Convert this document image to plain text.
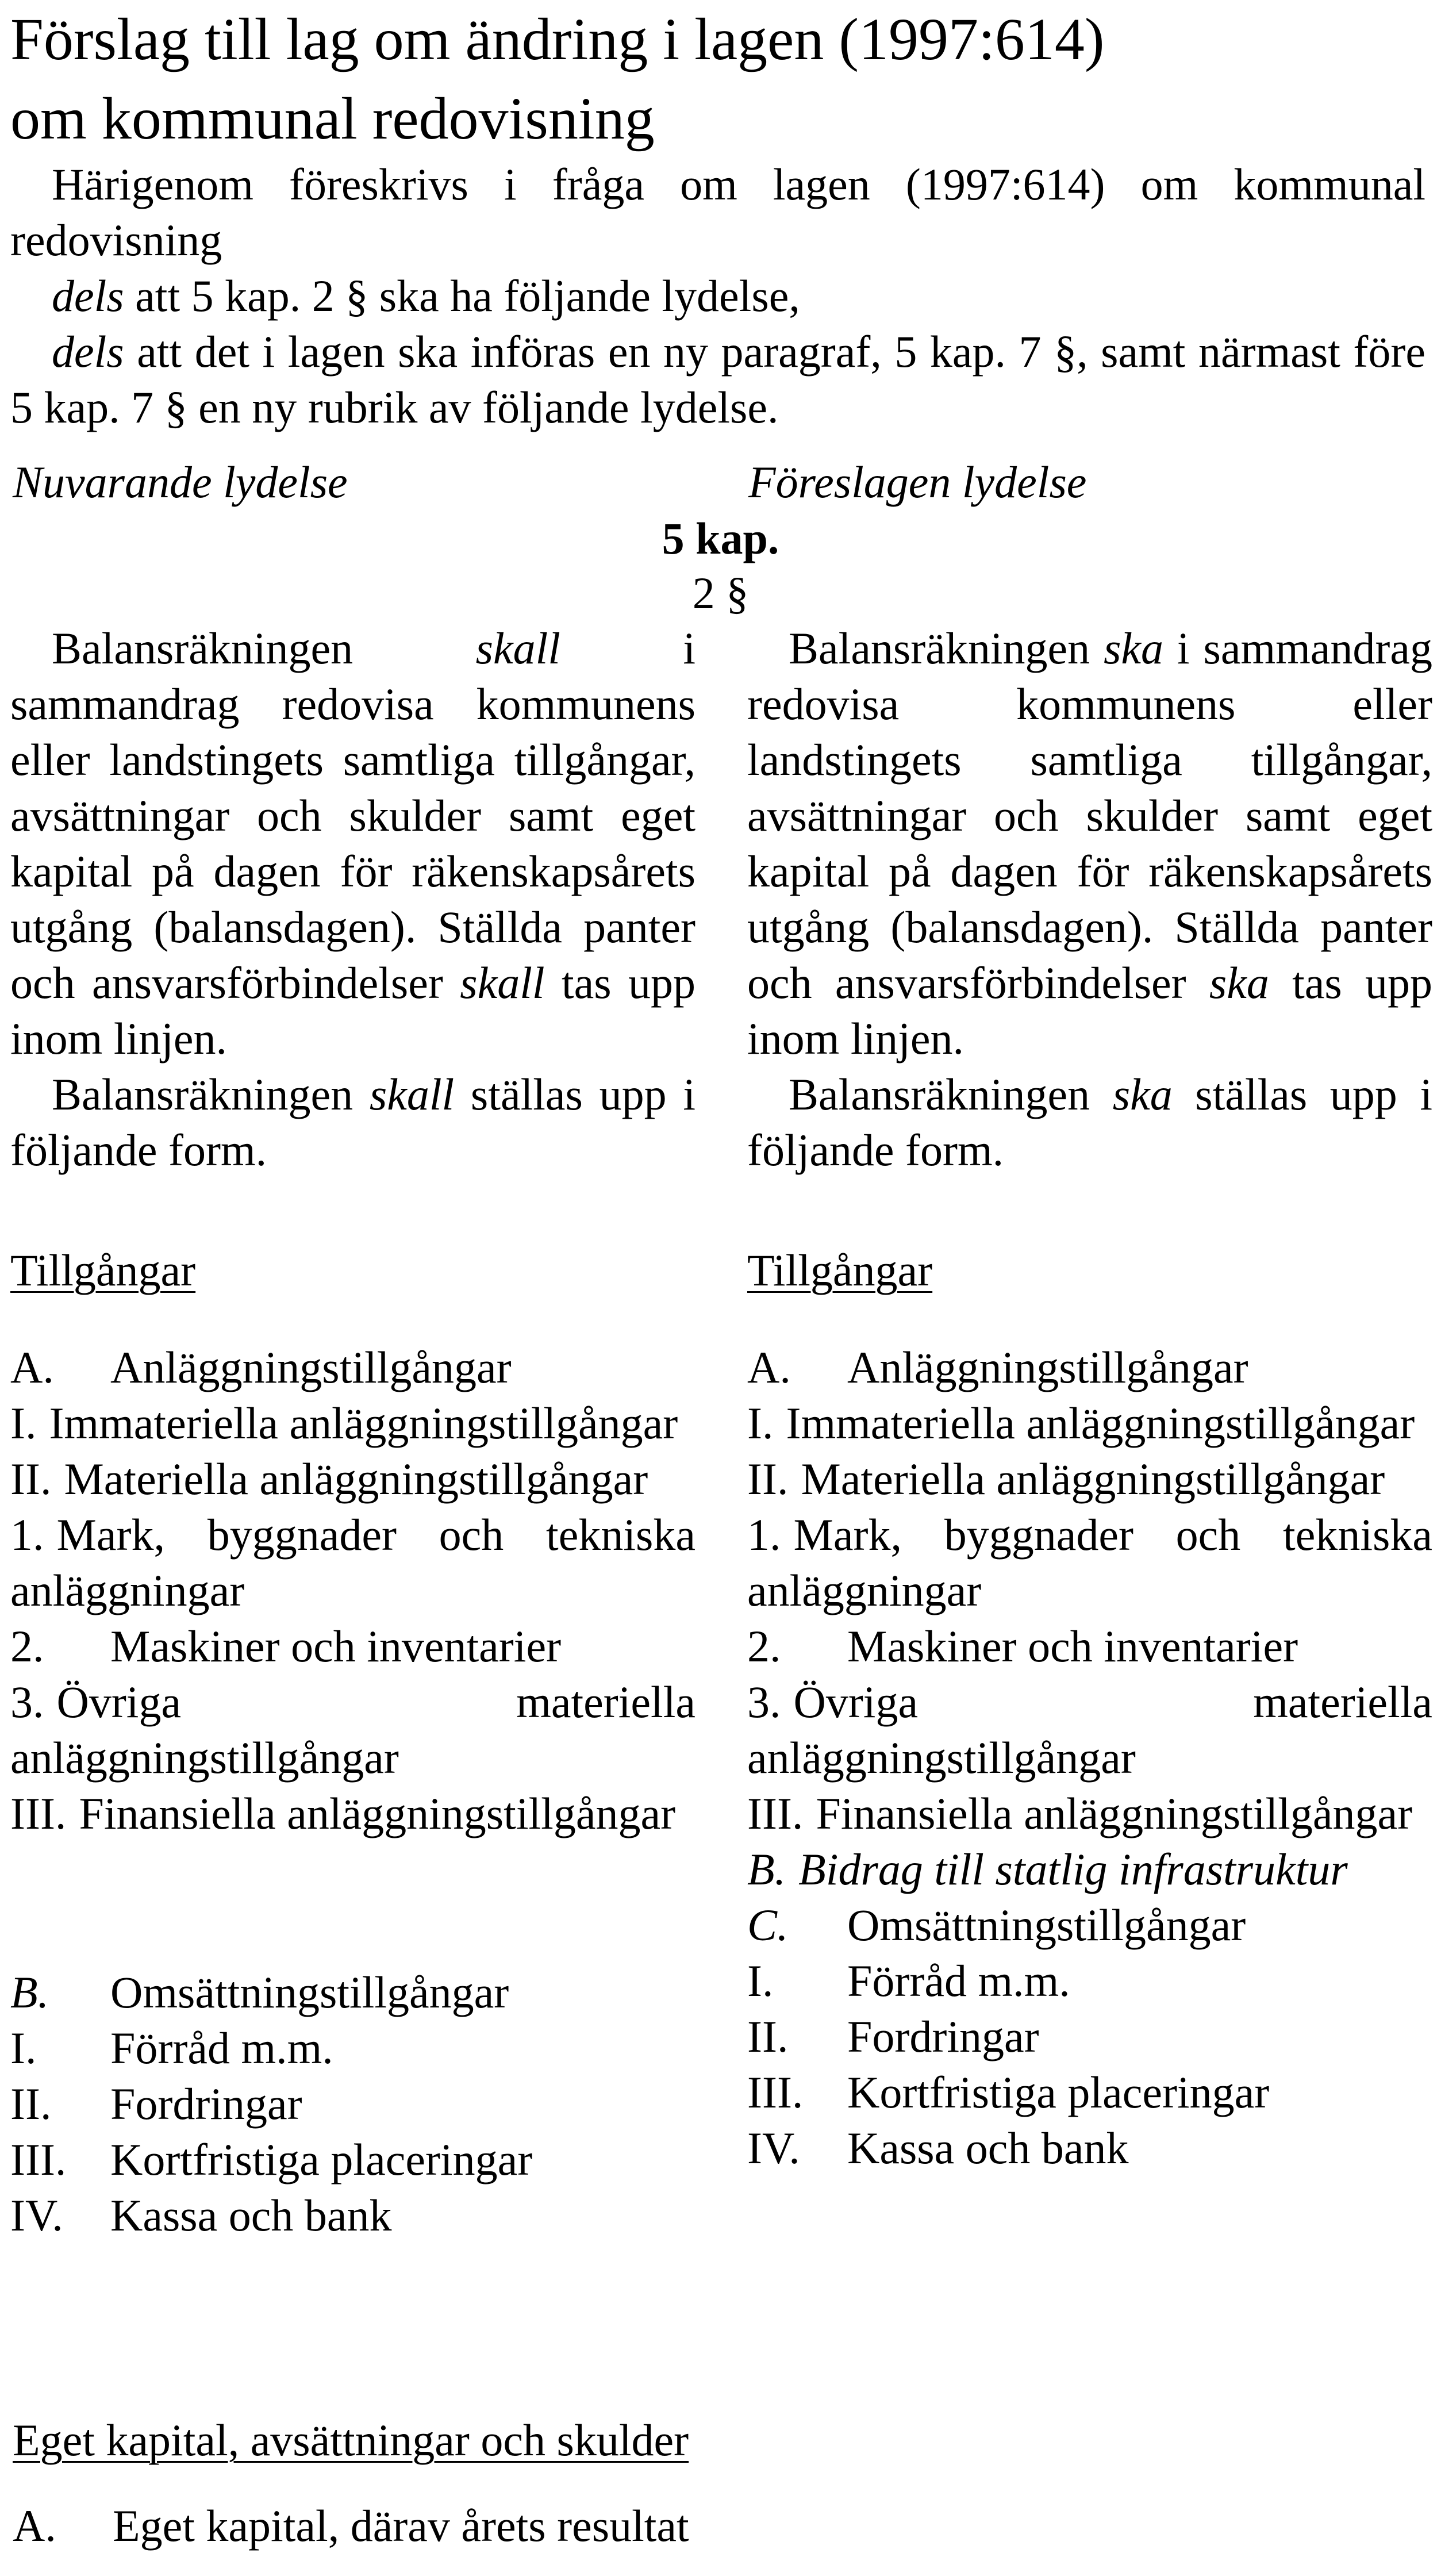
Förslag till lag om ändring i lagen (1997:614)
om kommunal redovisning

Härigenom föreskrivs i fråga om lagen (1997:614) om kommunal redovisning

dels att 5 kap. 2 § ska ha följande lydelse,

dels att det i lagen ska införas en ny paragraf, 5 kap. 7 §, samt närmast före 5 kap. 7 § en ny rubrik av följande lydelse.

Nuvarande lydelse	Föreslagen lydelse
5 kap.
2 §

Balansräkningen skall i sammandrag redovisa kommunens eller landstingets samtliga tillgångar, avsättningar och skulder samt eget kapital på dagen för räkenskapsårets utgång (balansdagen). Ställda panter och ansvarsförbindelser skall tas upp inom linjen.

Balansräkningen skall ställas upp i följande form.

Tillgångar

A. Anläggningstillgångar

I. Immateriella anläggningstillgångar

II. Materiella anläggningstillgångar

1. Mark, byggnader och tekniska anläggningar

2. Maskiner och inventarier

3. Övriga materiella anläggningstillgångar

III. Finansiella anläggningstillgångar

B. Omsättningstillgångar

I. Förråd m.m.

II. Fordringar

III. Kortfristiga placeringar

IV. Kassa och bank

Balansräkningen ska i sammandrag redovisa kommunens eller landstingets samtliga tillgångar, avsättningar och skulder samt eget kapital på dagen för räkenskapsårets utgång (balansdagen). Ställda panter och ansvarsförbindelser ska tas upp inom linjen.

Balansräkningen ska ställas upp i följande form.

Tillgångar

A. Anläggningstillgångar

I. Immateriella anläggningstillgångar

II. Materiella anläggningstillgångar

1. Mark, byggnader och tekniska anläggningar

2. Maskiner och inventarier

3. Övriga materiella anläggningstillgångar

III. Finansiella anläggningstillgångar

B. Bidrag till statlig infrastruktur

C. Omsättningstillgångar

I. Förråd m.m.

II. Fordringar

III. Kortfristiga placeringar

IV. Kassa och bank

Eget kapital, avsättningar och skulder

A. Eget kapital, därav årets resultat
